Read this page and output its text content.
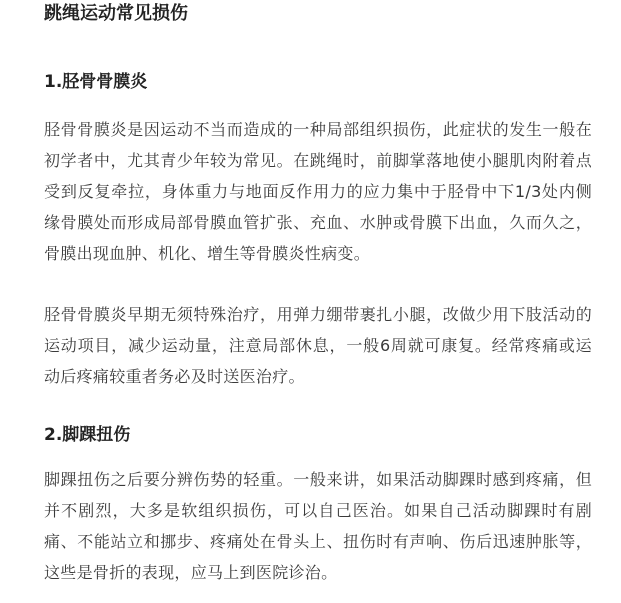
跳绳运动常见损伤
1.胫骨骨膜炎
胫骨骨膜炎是因运动不当而造成的一种局部组织损伤，此症状的发生一般在初学者中，尤其青少年较为常见。在跳绳时，前脚掌落地使小腿肌肉附着点受到反复牵拉，身体重力与地面反作用力的应力集中于胫骨中下1/3处内侧缘骨膜处而形成局部骨膜血管扩张、充血、水肿或骨膜下出血，久而久之，骨膜出现血肿、机化、增生等骨膜炎性病变。
胫骨骨膜炎早期无须特殊治疗，用弹力绷带裹扎小腿，改做少用下肢活动的运动项目，减少运动量，注意局部休息，一般6周就可康复。经常疼痛或运动后疼痛较重者务必及时送医治疗。
2.脚踝扭伤
脚踝扭伤之后要分辨伤势的轻重。一般来讲，如果活动脚踝时感到疼痛，但并不剧烈，大多是软组织损伤，可以自己医治。如果自己活动脚踝时有剧痛、不能站立和挪步、疼痛处在骨头上、扭伤时有声响、伤后迅速肿胀等，这些是骨折的表现，应马上到医院诊治。
